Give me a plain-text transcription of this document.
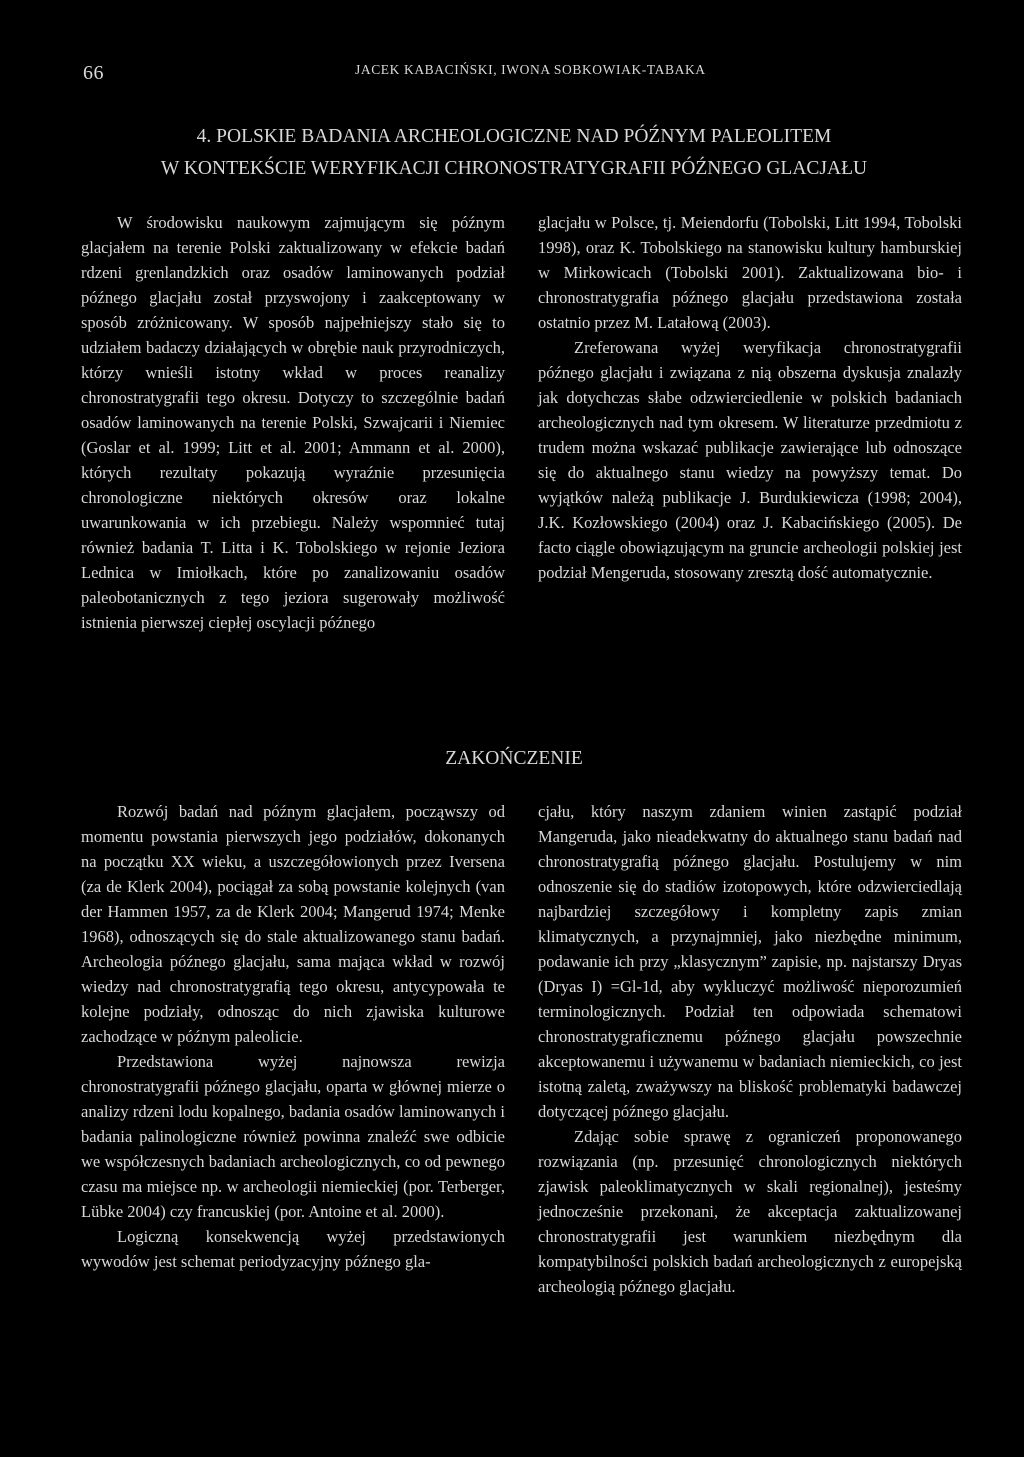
66	JACEK KABACIŃSKI, IWONA SOBKOWIAK-TABAKA
4. POLSKIE BADANIA ARCHEOLOGICZNE NAD PÓŹNYM PALEOLITEM
W KONTEKŚCIE WERYFIKACJI CHRONOSTRATYGRAFII PÓŹNEGO GLACJAŁU

W środowisku naukowym zajmującym się późnym glacjałem na terenie Polski zaktualizowany w efekcie badań rdzeni grenlandzkich oraz osadów laminowanych podział późnego glacjału został przyswojony i zaakceptowany w sposób zróżnicowany. W sposób najpełniejszy stało się to udziałem badaczy działających w obrębie nauk przyrodniczych, którzy wnieśli istotny wkład w proces reanalizy chronostratygrafii tego okresu. Dotyczy to szczególnie badań osadów laminowanych na terenie Polski, Szwajcarii i Niemiec (Goslar et al. 1999; Litt et al. 2001; Ammann et al. 2000), których rezultaty pokazują wyraźnie przesunięcia chronologiczne niektórych okresów oraz lokalne uwarunkowania w ich przebiegu. Należy wspomnieć tutaj również badania T. Litta i K. Tobolskiego w rejonie Jeziora Lednica w Imiołkach, które po zanalizowaniu osadów paleobotanicznych z tego jeziora sugerowały możliwość istnienia pierwszej ciepłej oscylacji późnego

glacjału w Polsce, tj. Meiendorfu (Tobolski, Litt 1994, Tobolski 1998), oraz K. Tobolskiego na stanowisku kultury hamburskiej w Mirkowicach (Tobolski 2001). Zaktualizowana bio- i chronostratygrafia późnego glacjału przedstawiona została ostatnio przez M. Latałową (2003).

Zreferowana wyżej weryfikacja chronostratygrafii późnego glacjału i związana z nią obszerna dyskusja znalazły jak dotychczas słabe odzwierciedlenie w polskich badaniach archeologicznych nad tym okresem. W literaturze przedmiotu z trudem można wskazać publikacje zawierające lub odnoszące się do aktualnego stanu wiedzy na powyższy temat. Do wyjątków należą publikacje J. Burdukiewicza (1998; 2004), J.K. Kozłowskiego (2004) oraz J. Kabacińskiego (2005). De facto ciągle obowiązującym na gruncie archeologii polskiej jest podział Mengeruda, stosowany zresztą dość automatycznie.

ZAKOŃCZENIE

Rozwój badań nad późnym glacjałem, począwszy od momentu powstania pierwszych jego podziałów, dokonanych na początku XX wieku, a uszczegółowionych przez Iversena (za de Klerk 2004), pociągał za sobą powstanie kolejnych (van der Hammen 1957, za de Klerk 2004; Mangerud 1974; Menke 1968), odnoszących się do stale aktualizowanego stanu badań. Archeologia późnego glacjału, sama mająca wkład w rozwój wiedzy nad chronostratygrafią tego okresu, antycypowała te kolejne podziały, odnosząc do nich zjawiska kulturowe zachodzące w późnym paleolicie.

Przedstawiona wyżej najnowsza rewizja chronostratygrafii późnego glacjału, oparta w głównej mierze o analizy rdzeni lodu kopalnego, badania osadów laminowanych i badania palinologiczne również powinna znaleźć swe odbicie we współczesnych badaniach archeologicznych, co od pewnego czasu ma miejsce np. w archeologii niemieckiej (por. Terberger, Lübke 2004) czy francuskiej (por. Antoine et al. 2000).

Logiczną konsekwencją wyżej przedstawionych wywodów jest schemat periodyzacyjny późnego gla-

cjału, który naszym zdaniem winien zastąpić podział Mangeruda, jako nieadekwatny do aktualnego stanu badań nad chronostratygrafią późnego glacjału. Postulujemy w nim odnoszenie się do stadiów izotopowych, które odzwierciedlają najbardziej szczegółowy i kompletny zapis zmian klimatycznych, a przynajmniej, jako niezbędne minimum, podawanie ich przy „klasycznym” zapisie, np. najstarszy Dryas (Dryas I) =Gl-1d, aby wykluczyć możliwość nieporozumień terminologicznych. Podział ten odpowiada schematowi chronostratygraficznemu późnego glacjału powszechnie akceptowanemu i używanemu w badaniach niemieckich, co jest istotną zaletą, zważywszy na bliskość problematyki badawczej dotyczącej późnego glacjału.

Zdając sobie sprawę z ograniczeń proponowanego rozwiązania (np. przesunięć chronologicznych niektórych zjawisk paleoklimatycznych w skali regionalnej), jesteśmy jednocześnie przekonani, że akceptacja zaktualizowanej chronostratygrafii jest warunkiem niezbędnym dla kompatybilności polskich badań archeologicznych z europejską archeologią późnego glacjału.
